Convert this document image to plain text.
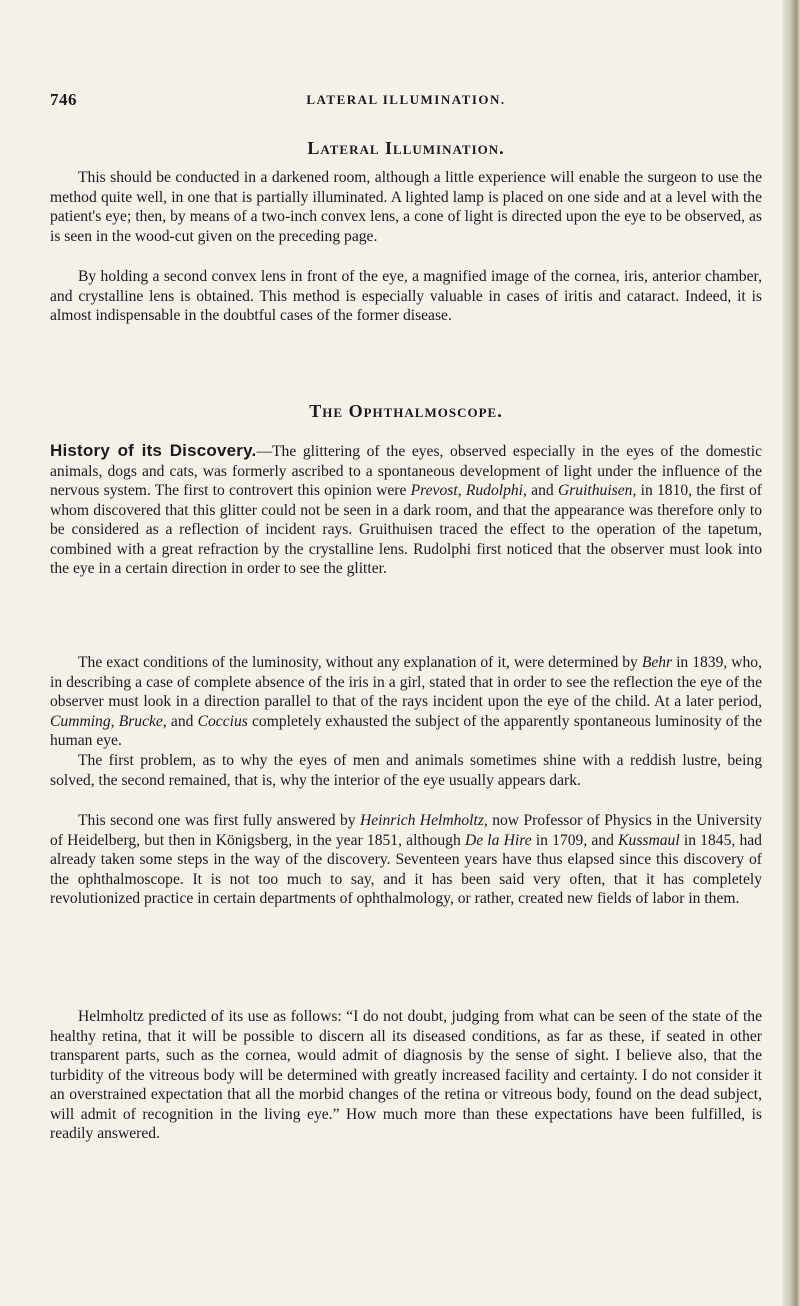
746	LATERAL ILLUMINATION.
Lateral Illumination.

This should be conducted in a darkened room, although a little experience will enable the surgeon to use the method quite well, in one that is partially illuminated. A lighted lamp is placed on one side and at a level with the patient's eye; then, by means of a two-inch convex lens, a cone of light is directed upon the eye to be observed, as is seen in the wood-cut given on the preceding page.

By holding a second convex lens in front of the eye, a magnified image of the cornea, iris, anterior chamber, and crystalline lens is obtained. This method is especially valuable in cases of iritis and cataract. Indeed, it is almost indispensable in the doubtful cases of the former disease.

The Ophthalmoscope.

History of its Discovery.—The glittering of the eyes, observed especially in the eyes of the domestic animals, dogs and cats, was formerly ascribed to a spontaneous development of light under the influence of the nervous system. The first to controvert this opinion were Prevost, Rudolphi, and Gruithuisen, in 1810, the first of whom discovered that this glitter could not be seen in a dark room, and that the appearance was therefore only to be considered as a reflection of incident rays. Gruithuisen traced the effect to the operation of the tapetum, combined with a great refraction by the crystalline lens. Rudolphi first noticed that the observer must look into the eye in a certain direction in order to see the glitter.

The exact conditions of the luminosity, without any explanation of it, were determined by Behr in 1839, who, in describing a case of complete absence of the iris in a girl, stated that in order to see the reflection the eye of the observer must look in a direction parallel to that of the rays incident upon the eye of the child. At a later period, Cumming, Brucke, and Coccius completely exhausted the subject of the apparently spontaneous luminosity of the human eye.

The first problem, as to why the eyes of men and animals sometimes shine with a reddish lustre, being solved, the second remained, that is, why the interior of the eye usually appears dark.

This second one was first fully answered by Heinrich Helmholtz, now Professor of Physics in the University of Heidelberg, but then in Königsberg, in the year 1851, although De la Hire in 1709, and Kussmaul in 1845, had already taken some steps in the way of the discovery. Seventeen years have thus elapsed since this discovery of the ophthalmoscope. It is not too much to say, and it has been said very often, that it has completely revolutionized practice in certain departments of ophthalmology, or rather, created new fields of labor in them.

Helmholtz predicted of its use as follows: “I do not doubt, judging from what can be seen of the state of the healthy retina, that it will be possible to discern all its diseased conditions, as far as these, if seated in other transparent parts, such as the cornea, would admit of diagnosis by the sense of sight. I believe also, that the turbidity of the vitreous body will be determined with greatly increased facility and certainty. I do not consider it an overstrained expectation that all the morbid changes of the retina or vitreous body, found on the dead subject, will admit of recognition in the living eye.” How much more than these expectations have been fulfilled, is readily answered.
